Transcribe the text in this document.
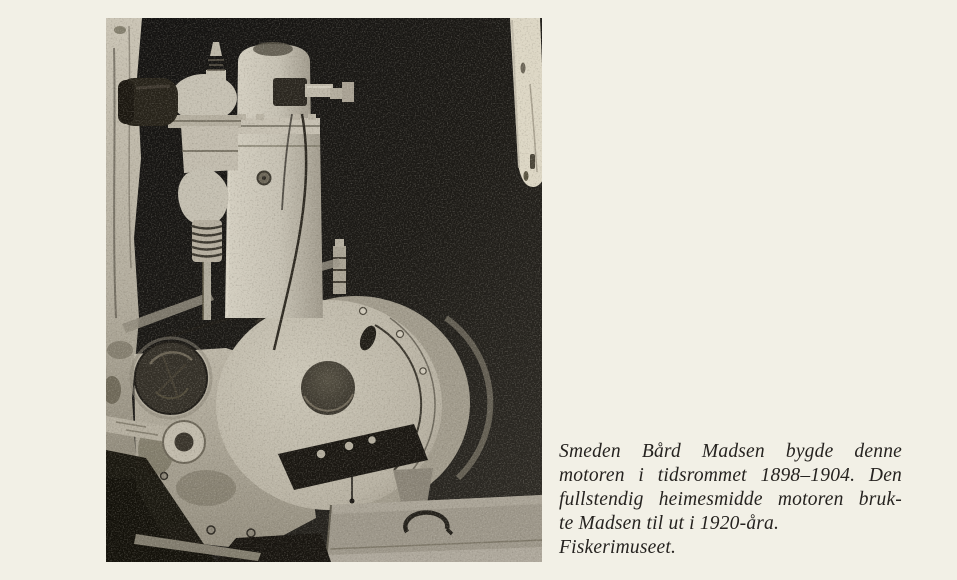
Smeden Bård Madsen bygde denne
motoren i tidsrommet 1898–1904. Den
fullstendig heimesmidde motoren bruk-
te Madsen til ut i 1920-åra.
Fiskerimuseet.
